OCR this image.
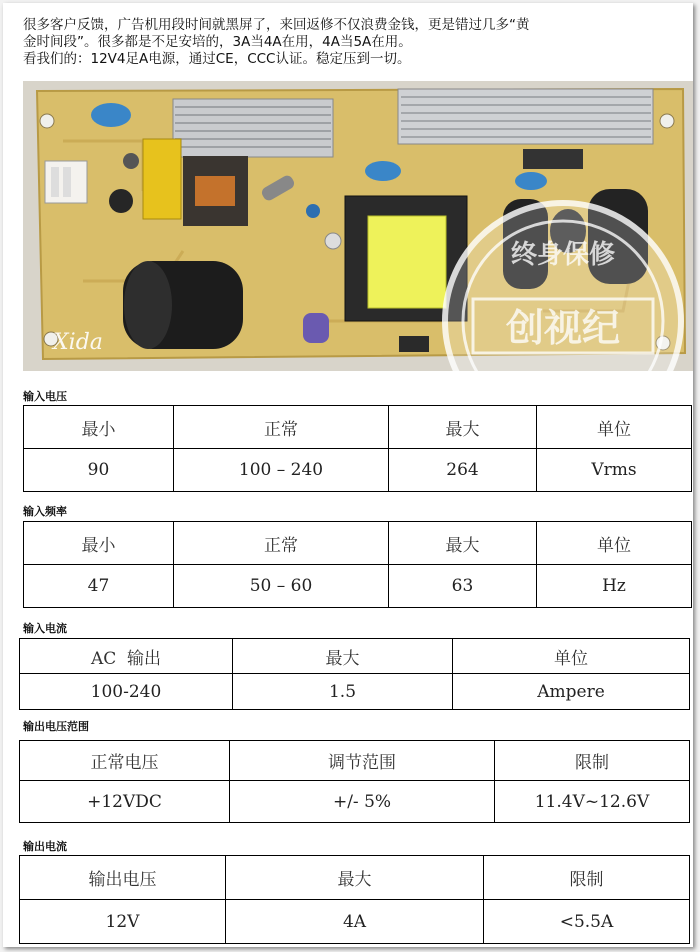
很多客户反馈，广告机用段时间就黑屏了，来回返修不仅浪费金钱，更是错过几多“黄
金时间段”。很多都是不足安培的，3A当4A在用，4A当5A在用。
看我们的：12V4足A电源，通过CE，CCC认证。稳定压到一切。
Xida
终身保修
创视纪
输入电压
最小	正常	最大	单位
90	100 – 240	264	Vrms
输入频率
最小	正常	最大	单位
47	50 – 60	63	Hz
输入电流
AC  输出	最大	单位
100-240	1.5	Ampere
输出电压范围
正常电压	调节范围	限制
+12VDC	+/- 5%	11.4V~12.6V
输出电流
输出电压	最大	限制
12V	4A	<5.5A
